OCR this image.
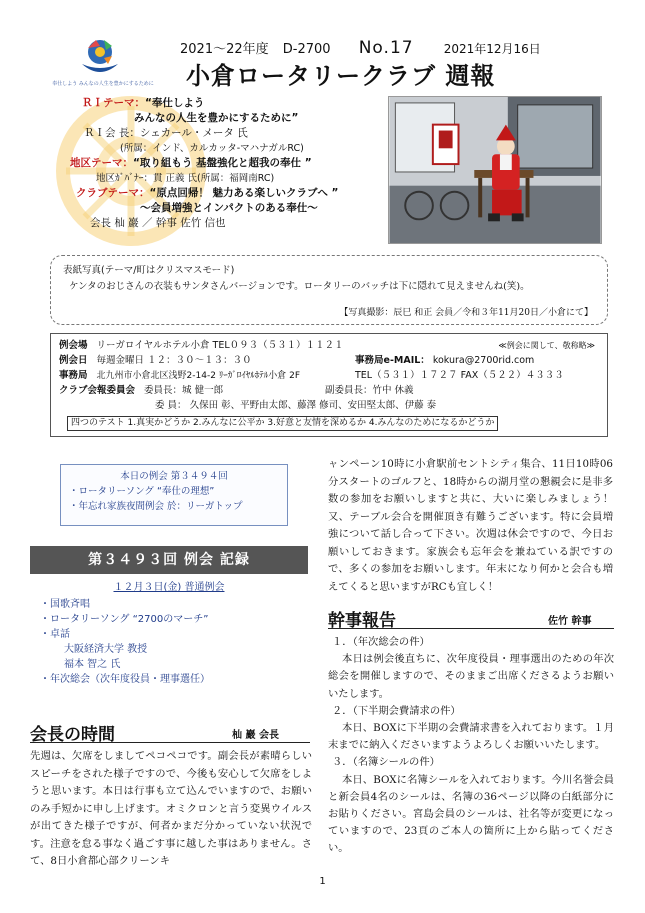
奉仕しよう みんなの人生を豊かにするために
2021～22年度 D-2700 No.17	2021年12月16日
小倉ロータリークラブ 週報
ＲＩテーマ：“奉仕しよう
みんなの人生を豊かにするために”
ＲＩ会 長：シェカール・メータ 氏
(所属：インド、カルカッタ-マハナガルRC)
地区テーマ：“取り組もう 基盤強化と超我の奉仕 ”
地区ｶﾞﾊﾞﾅｰ：貫 正義 氏(所属：福岡南RC)
クラブテーマ：“原点回帰！ 魅力ある楽しいクラブへ ”
～会員増強とインパクトのある奉仕～
会長 杣 巖 ／ 幹事 佐竹 信也
表紙写真(テーマ/町はクリスマスモード)
ケンタのおじさんの衣装もサンタさんバージョンです。ロータリーのバッチは下に隠れて見えませんね(笑)。
【写真撮影：辰巳 和正 会員／令和３年11月20日／小倉にて】
例会場 リーガロイヤルホテル小倉 TEL０９３（５３１）１１２１	≪例会に関して、敬称略≫
例会日 毎週金曜日 １２：３０～１３：３０	事務局e-MAIL： kokura@2700rid.com
事務局 北九州市小倉北区浅野2-14-2 ﾘｰｶﾞﾛｲﾔﾙﾎﾃﾙ小倉 2F	TEL（５３１）１７２７ FAX（５２２）４３３３
クラブ会報委員会 委員長：城 健一郎	副委員長：竹中 休義
委 員： 久保田 彰、平野由太郎、藤澤 修司、安田堅太郎、伊藤 泰
四つのテスト 1.真実かどうか 2.みんなに公平か 3.好意と友情を深めるか 4.みんなのためになるかどうか
本日の例会 第３４９４回
・ロータリーソング “奉仕の理想”
・年忘れ家族夜間例会 於：リーガトップ
第３４９３回 例会 記録
１２月３日(金) 普通例会
・国歌斉唱
・ロータリーソング “2700のマーチ”
・卓話
大阪経済大学 教授
福本 智之 氏
・年次総会（次年度役員・理事選任）
会長の時間	杣 巖 会長
先週は、欠席をしましてペコペコです。副会長が素晴らしいスピーチをされた様子ですので、今後も安心して欠席をしようと思います。本日は行事も立て込んでいますので、お願いのみ手短かに申し上げます。オミクロンと言う変異ウイルスが出てきた様子ですが、何者かまだ分かっていない状況です。注意を怠る事なく過ごす事に越した事はありません。さて、8日小倉都心部クリーンキ
ャンペーン10時に小倉駅前セントシティ集合、11日10時06分スタートのゴルフと、18時からの湖月堂の懇親会に是非多数の参加をお願いしますと共に、大いに楽しみましょう！ 又、テーブル会合を開催頂き有難うございます。特に会員増強について話し合って下さい。次週は休会ですので、今日お願いしておきます。家族会も忘年会を兼ねている訳ですので、多くの参加をお願いします。年末になり何かと会合も増えてくると思いますがRCも宜しく！
幹事報告	佐竹 幹事
１．（年次総会の件）
本日は例会後直ちに、次年度役員・理事選出のための年次総会を開催しますので、そのままご出席くださるようお願いいたします。
２．（下半期会費請求の件）
本日、BOXに下半期の会費請求書を入れております。１月末までに納入くださいますようよろしくお願いいたします。
３．（名簿シールの件）
本日、BOXに名簿シールを入れております。今川名誉会員と新会員4名のシールは、名簿の36ページ以降の白紙部分にお貼りください。宮島会員のシールは、社名等が変更になっていますので、23頁のご本人の箇所に上から貼ってください。
1
